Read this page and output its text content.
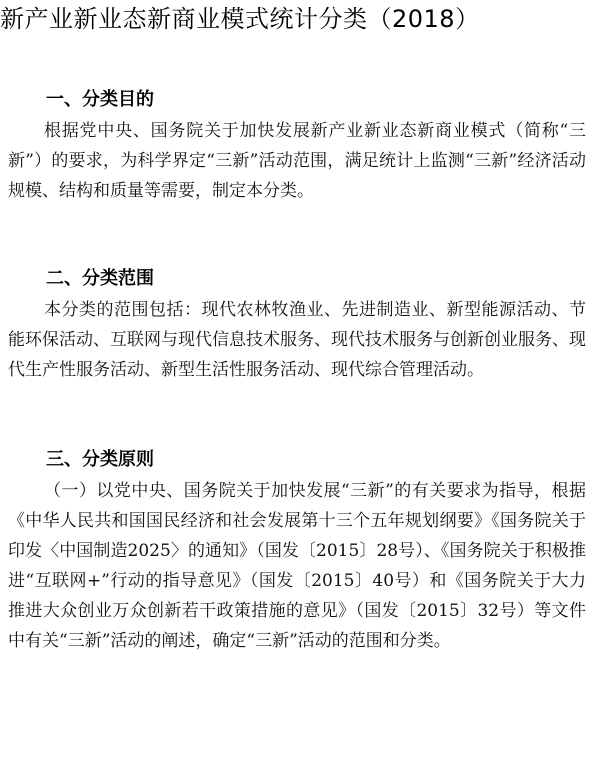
新产业新业态新商业模式统计分类（2018）
一、分类目的

根据党中央、国务院关于加快发展新产业新业态新商业模式（简称“三新”）的要求，为科学界定“三新”活动范围，满足统计上监测“三新”经济活动规模、结构和质量等需要，制定本分类。

二、分类范围

本分类的范围包括：现代农林牧渔业、先进制造业、新型能源活动、节能环保活动、互联网与现代信息技术服务、现代技术服务与创新创业服务、现代生产性服务活动、新型生活性服务活动、现代综合管理活动。

三、分类原则

（一）以党中央、国务院关于加快发展“三新”的有关要求为指导，根据《中华人民共和国国民经济和社会发展第十三个五年规划纲要》《国务院关于印发〈中国制造2025〉的通知》（国发〔2015〕28号）、《国务院关于积极推进“互联网+”行动的指导意见》（国发〔2015〕40号）和《国务院关于大力推进大众创业万众创新若干政策措施的意见》（国发〔2015〕32号）等文件中有关“三新”活动的阐述，确定“三新”活动的范围和分类。
